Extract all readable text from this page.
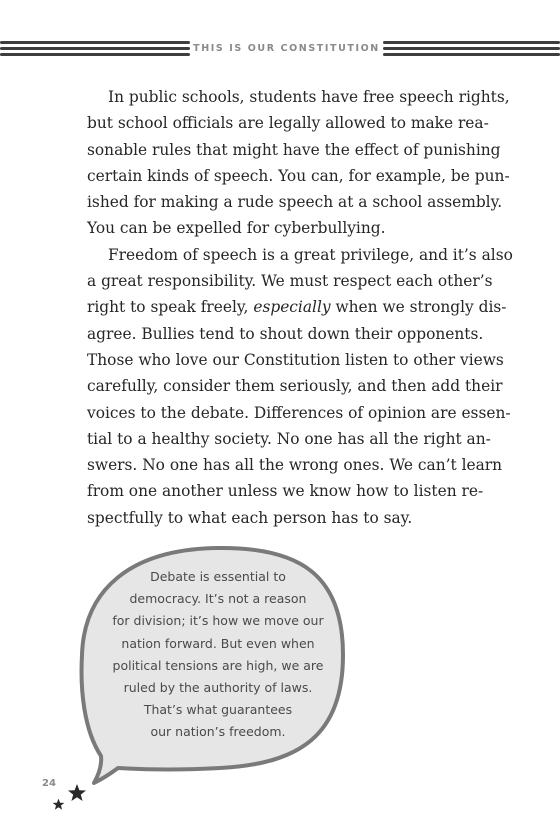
THIS IS OUR CONSTITUTION

In public schools, students have free speech rights,
but school officials are legally allowed to make rea-
sonable rules that might have the effect of punishing
certain kinds of speech. You can, for example, be pun-
ished for making a rude speech at a school assembly.
You can be expelled for cyberbullying.

Freedom of speech is a great privilege, and it’s also
a great responsibility. We must respect each other’s
right to speak freely, especially when we strongly dis-
agree. Bullies tend to shout down their opponents.
Those who love our Constitution listen to other views
carefully, consider them seriously, and then add their
voices to the debate. Differences of opinion are essen-
tial to a healthy society. No one has all the right an-
swers. No one has all the wrong ones. We can’t learn
from one another unless we know how to listen re-
spectfully to what each person has to say.

Debate is essential to
democracy. It’s not a reason
for division; it’s how we move our
nation forward. But even when
political tensions are high, we are
ruled by the authority of laws.
That’s what guarantees
our nation’s freedom.
24
